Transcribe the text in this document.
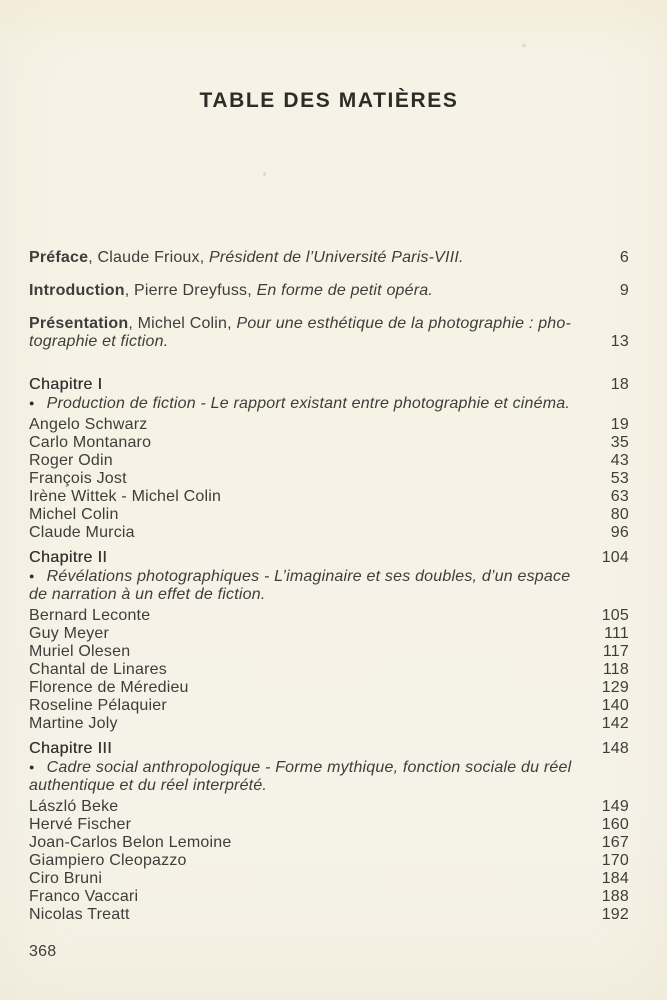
TABLE DES MATIÈRES
Préface, Claude Frioux, Président de l’Université Paris-VIII.	6
Introduction, Pierre Dreyfuss, En forme de petit opéra.	9
Présentation, Michel Colin, Pour une esthétique de la photographie : pho-
tographie et fiction.	13
Chapitre I	18
● Production de fiction - Le rapport existant entre photographie et cinéma.
Angelo Schwarz	19
Carlo Montanaro	35
Roger Odin	43
François Jost	53
Irène Wittek - Michel Colin	63
Michel Colin	80
Claude Murcia	96
Chapitre II	104
● Révélations photographiques - L’imaginaire et ses doubles, d’un espace
de narration à un effet de fiction.
Bernard Leconte	105
Guy Meyer	111
Muriel Olesen	117
Chantal de Linares	118
Florence de Méredieu	129
Roseline Pélaquier	140
Martine Joly	142
Chapitre III	148
● Cadre social anthropologique - Forme mythique, fonction sociale du réel
authentique et du réel interprété.
László Beke	149
Hervé Fischer	160
Joan-Carlos Belon Lemoine	167
Giampiero Cleopazzo	170
Ciro Bruni	184
Franco Vaccari	188
Nicolas Treatt	192
368
